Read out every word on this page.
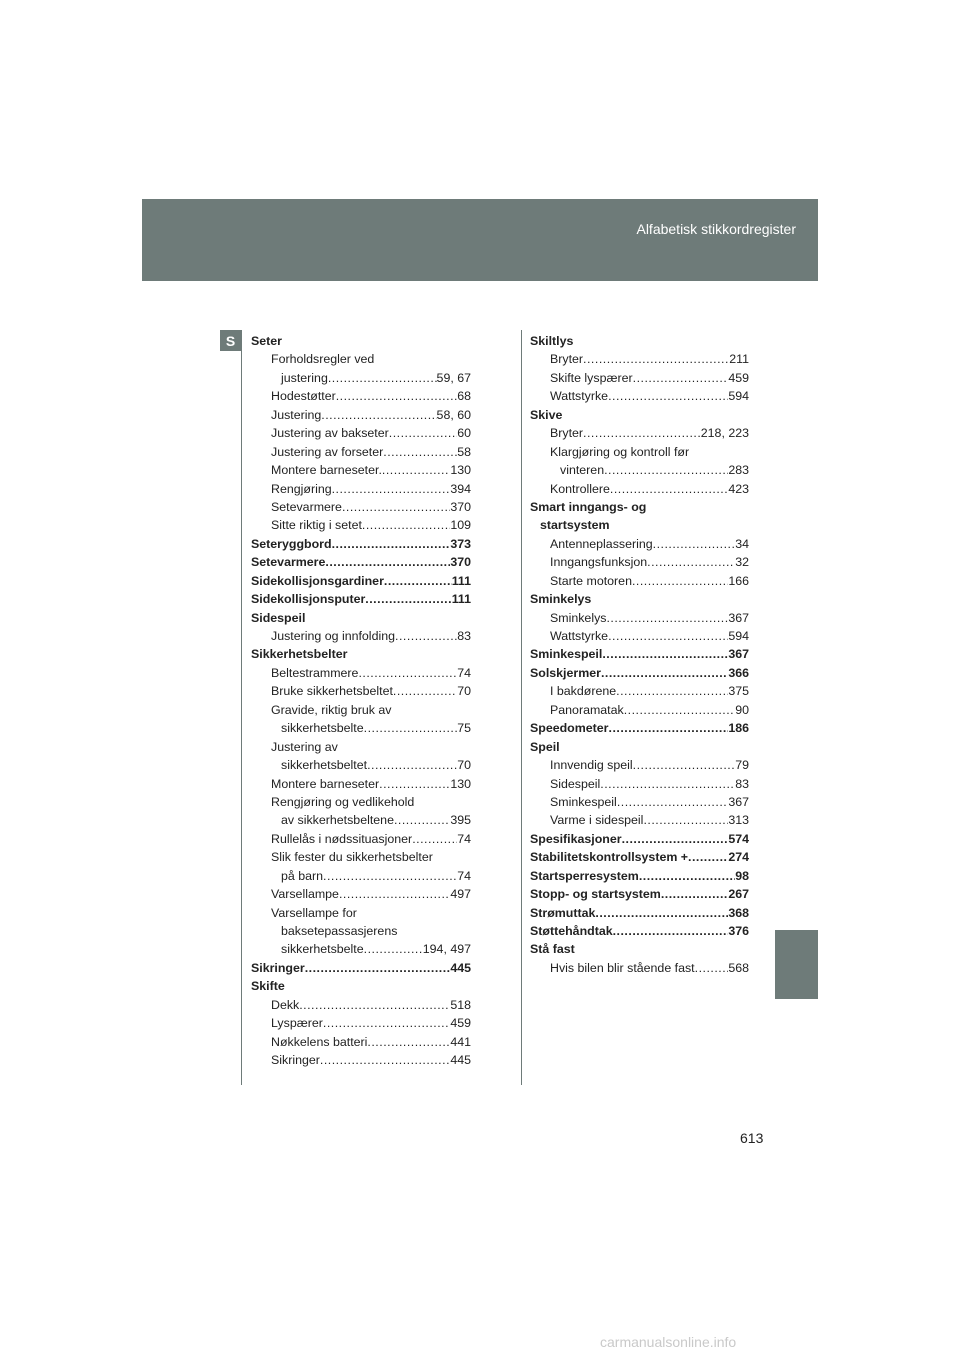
Alfabetisk stikkordregister
S	Seter
Forholdsregler ved
justering .....	59, 67
Hodestøtter .....	68
Justering .....	58, 60
Justering av bakseter .....	60
Justering av forseter .....	58
Montere barneseter. .....	130
Rengjøring .....	394
Setevarmere .....	370
Sitte riktig i setet .....	109
Seteryggbord .....	373
Setevarmere .....	370
Sidekollisjonsgardiner .....	111
Sidekollisjonsputer .....	111
Sidespeil
Justering og innfolding .....	83
Sikkerhetsbelter
Beltestrammere .....	74
Bruke sikkerhetsbeltet .....	70
Gravide, riktig bruk av
sikkerhetsbelte .....	75
Justering av
sikkerhetsbeltet .....	70
Montere barneseter .....	130
Rengjøring og vedlikehold
av sikkerhetsbeltene .....	395
Rullelås i nødssituasjoner .....	74
Slik fester du sikkerhetsbelter
på barn .....	74
Varsellampe .....	497
Varsellampe for
baksetepassasjerens
sikkerhetsbelte .....	194, 497
Sikringer .....	445
Skifte
Dekk .....	518
Lyspærer .....	459
Nøkkelens batteri .....	441
Sikringer .....	445
Skiltlys
Bryter .....	211
Skifte lyspærer .....	459
Wattstyrke .....	594
Skive
Bryter .....	218, 223
Klargjøring og kontroll før
vinteren .....	283
Kontrollere .....	423
Smart inngangs- og
startsystem
Antenneplassering .....	34
Inngangsfunksjon .....	32
Starte motoren .....	166
Sminkelys
Sminkelys .....	367
Wattstyrke .....	594
Sminkespeil .....	367
Solskjermer .....	366
I bakdørene .....	375
Panoramatak .....	90
Speedometer .....	186
Speil
Innvendig speil .....	79
Sidespeil .....	83
Sminkespeil .....	367
Varme i sidespeil .....	313
Spesifikasjoner .....	574
Stabilitetskontrollsystem + .....	274
Startsperresystem .....	98
Stopp- og startsystem .....	267
Strømuttak .....	368
Støttehåndtak .....	376
Stå fast
Hvis bilen blir stående fast .....	568
613
carmanualsonline.info
